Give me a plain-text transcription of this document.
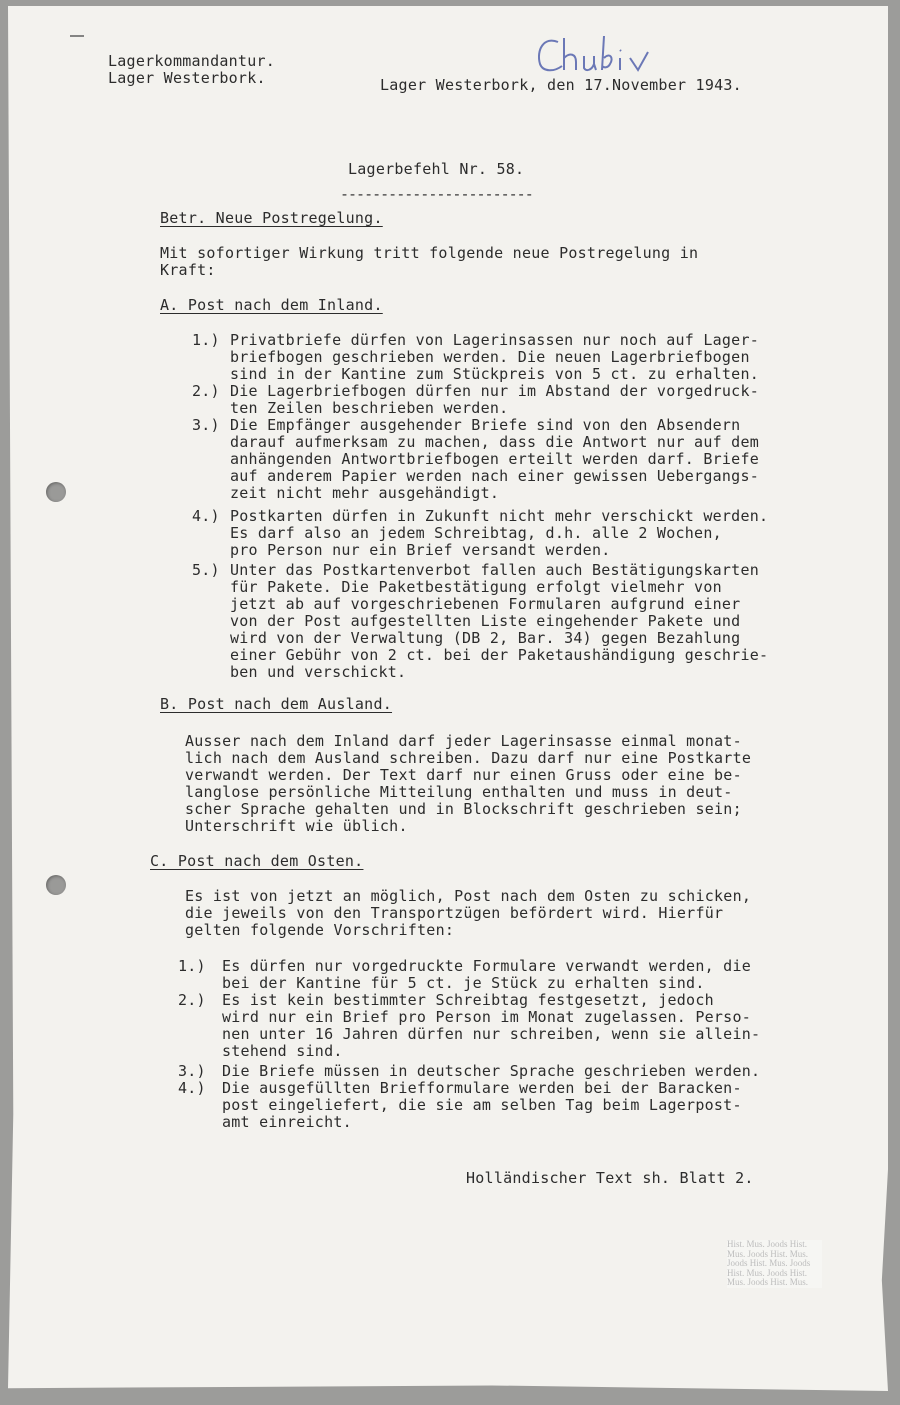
Lagerkommandantur.
Lager Westerbork.	Lager Westerbork, den 17.November 1943.
Lagerbefehl Nr. 58.
------------------------
Betr. Neue Postregelung.
Mit sofortiger Wirkung tritt folgende neue Postregelung in
Kraft:
A. Post nach dem Inland.
1.) Privatbriefe dürfen von Lagerinsassen nur noch auf Lager-
briefbogen geschrieben werden. Die neuen Lagerbriefbogen
sind in der Kantine zum Stückpreis von 5 ct. zu erhalten.
2.) Die Lagerbriefbogen dürfen nur im Abstand der vorgedruck-
ten Zeilen beschrieben werden.
3.) Die Empfänger ausgehender Briefe sind von den Absendern
darauf aufmerksam zu machen, dass die Antwort nur auf dem
anhängenden Antwortbriefbogen erteilt werden darf. Briefe
auf anderem Papier werden nach einer gewissen Uebergangs-
zeit nicht mehr ausgehändigt.
4.) Postkarten dürfen in Zukunft nicht mehr verschickt werden.
Es darf also an jedem Schreibtag, d.h. alle 2 Wochen,
pro Person nur ein Brief versandt werden.
5.) Unter das Postkartenverbot fallen auch Bestätigungskarten
für Pakete. Die Paketbestätigung erfolgt vielmehr von
jetzt ab auf vorgeschriebenen Formularen aufgrund einer
von der Post aufgestellten Liste eingehender Pakete und
wird von der Verwaltung (DB 2, Bar. 34) gegen Bezahlung
einer Gebühr von 2 ct. bei der Paketaushändigung geschrie-
ben und verschickt.
B. Post nach dem Ausland.
Ausser nach dem Inland darf jeder Lagerinsasse einmal monat-
lich nach dem Ausland schreiben. Dazu darf nur eine Postkarte
verwandt werden. Der Text darf nur einen Gruss oder eine be-
langlose persönliche Mitteilung enthalten und muss in deut-
scher Sprache gehalten und in Blockschrift geschrieben sein;
Unterschrift wie üblich.
C. Post nach dem Osten.
Es ist von jetzt an möglich, Post nach dem Osten zu schicken,
die jeweils von den Transportzügen befördert wird. Hierfür
gelten folgende Vorschriften:
1.) Es dürfen nur vorgedruckte Formulare verwandt werden, die
bei der Kantine für 5 ct. je Stück zu erhalten sind.
2.) Es ist kein bestimmter Schreibtag festgesetzt, jedoch
wird nur ein Brief pro Person im Monat zugelassen. Perso-
nen unter 16 Jahren dürfen nur schreiben, wenn sie allein-
stehend sind.
3.) Die Briefe müssen in deutscher Sprache geschrieben werden.
4.) Die ausgefüllten Briefformulare werden bei der Baracken-
post eingeliefert, die sie am selben Tag beim Lagerpost-
amt einreicht.
Holländischer Text sh. Blatt 2.
Hist. Mus. Joods Hist.
Mus. Joods Hist. Mus.
Joods Hist. Mus. Joods
Hist. Mus. Joods Hist.
Mus. Joods Hist. Mus.
